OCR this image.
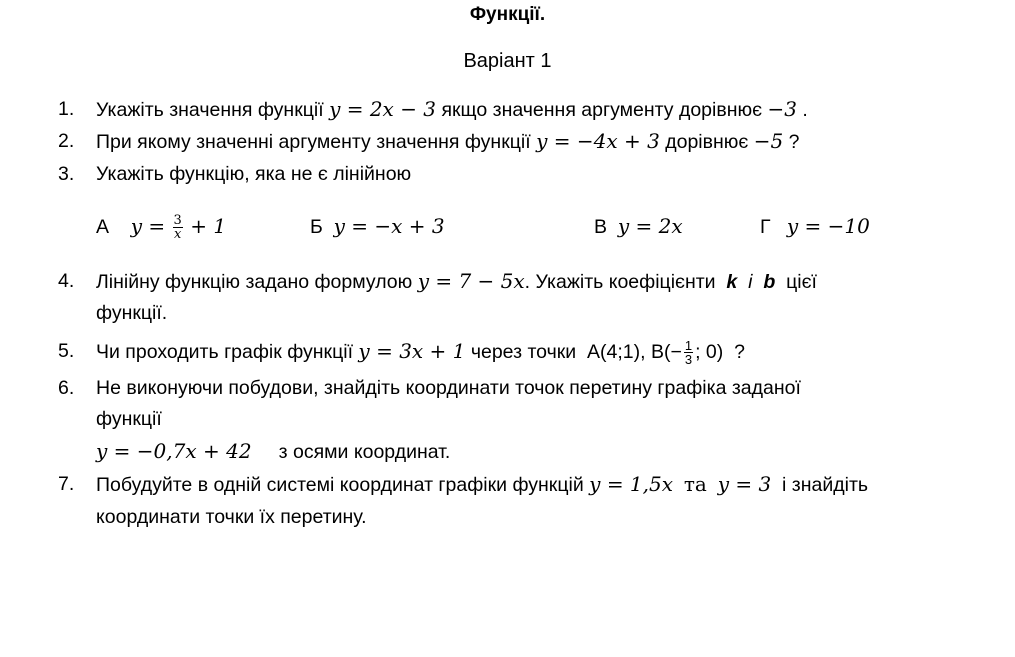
Функції.
Варіант 1
1.	Укажіть значення функції y = 2x − 3 якщо значення аргументу дорівнює −3 .
2.	При якому значенні аргументу значення функції y = −4x + 3 дорівнює −5 ?
3.	Укажіть функцію, яка не є лінійною
А $y = \frac{3}{x} + 1$	Б y = −x + 3	В y = 2x	Г y = −10
4.	Лінійну функцію задано формулою y = 7 − 5x. Укажіть коефіцієнти k і b цієї
функції.
5.	Чи проходить графік функції y = 3x + 1 через точки А(4;1), $В(- \frac{1}{3}$ ; 0) ?
6.	Не виконуючи побудови, знайдіть координати точок перетину графіка заданої
функції
y = −0,7x + 42 з осями координат.
7.	Побудуйте в одній системі координат графіки функцій y = 1,5x та y = 3 і знайдіть
координати точки їх перетину.
